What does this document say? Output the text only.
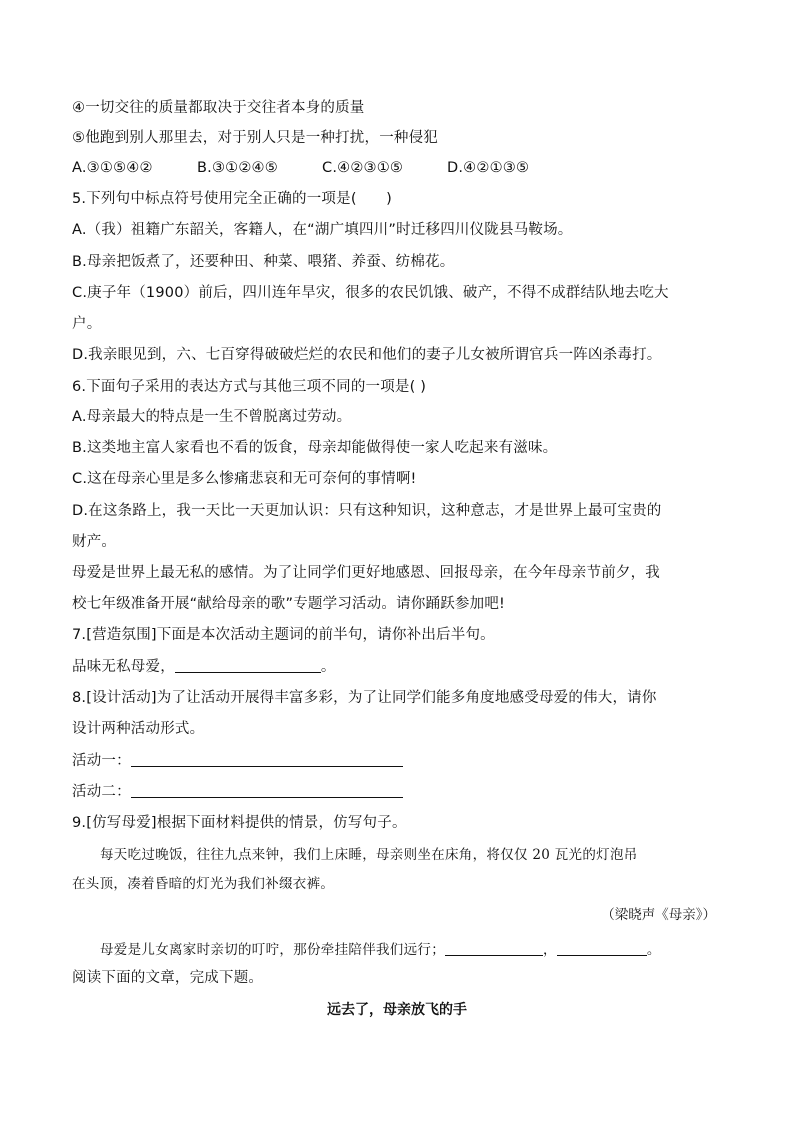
④一切交往的质量都取决于交往者本身的质量
⑤他跑到别人那里去，对于别人只是一种打扰，一种侵犯
A.③①⑤④②	B.③①②④⑤	C.④②③①⑤	D.④②①③⑤
5.下列句中标点符号使用完全正确的一项是(　　)
A.（我）祖籍广东韶关，客籍人，在“湖广填四川”时迁移四川仪陇县马鞍场。
B.母亲把饭煮了，还要种田、种菜、喂猪、养蚕、纺棉花。
C.庚子年（1900）前后，四川连年旱灾，很多的农民饥饿、破产，不得不成群结队地去吃大
户。
D.我亲眼见到，六、七百穿得破破烂烂的农民和他们的妻子儿女被所谓官兵一阵凶杀毒打。
6.下面句子采用的表达方式与其他三项不同的一项是( )
A.母亲最大的特点是一生不曾脱离过劳动。
B.这类地主富人家看也不看的饭食，母亲却能做得使一家人吃起来有滋味。
C.这在母亲心里是多么惨痛悲哀和无可奈何的事情啊!
D.在这条路上，我一天比一天更加认识：只有这种知识，这种意志，才是世界上最可宝贵的
财产。
母爱是世界上最无私的感情。为了让同学们更好地感恩、回报母亲，在今年母亲节前夕，我
校七年级准备开展“献给母亲的歌”专题学习活动。请你踊跃参加吧!
7.[营造氛围]下面是本次活动主题词的前半句，请你补出后半句。
品味无私母爱，	。
8.[设计活动]为了让活动开展得丰富多彩，为了让同学们能多角度地感受母爱的伟大，请你
设计两种活动形式。
活动一：
活动二：
9.[仿写母爱]根据下面材料提供的情景，仿写句子。
每天吃过晚饭，往往九点来钟，我们上床睡，母亲则坐在床角，将仅仅 20 瓦光的灯泡吊
在头顶，凑着昏暗的灯光为我们补缀衣裤。
（梁晓声《母亲》）
母爱是儿女离家时亲切的叮咛，那份牵挂陪伴我们远行；	，	。
阅读下面的文章，完成下题。
远去了，母亲放飞的手
